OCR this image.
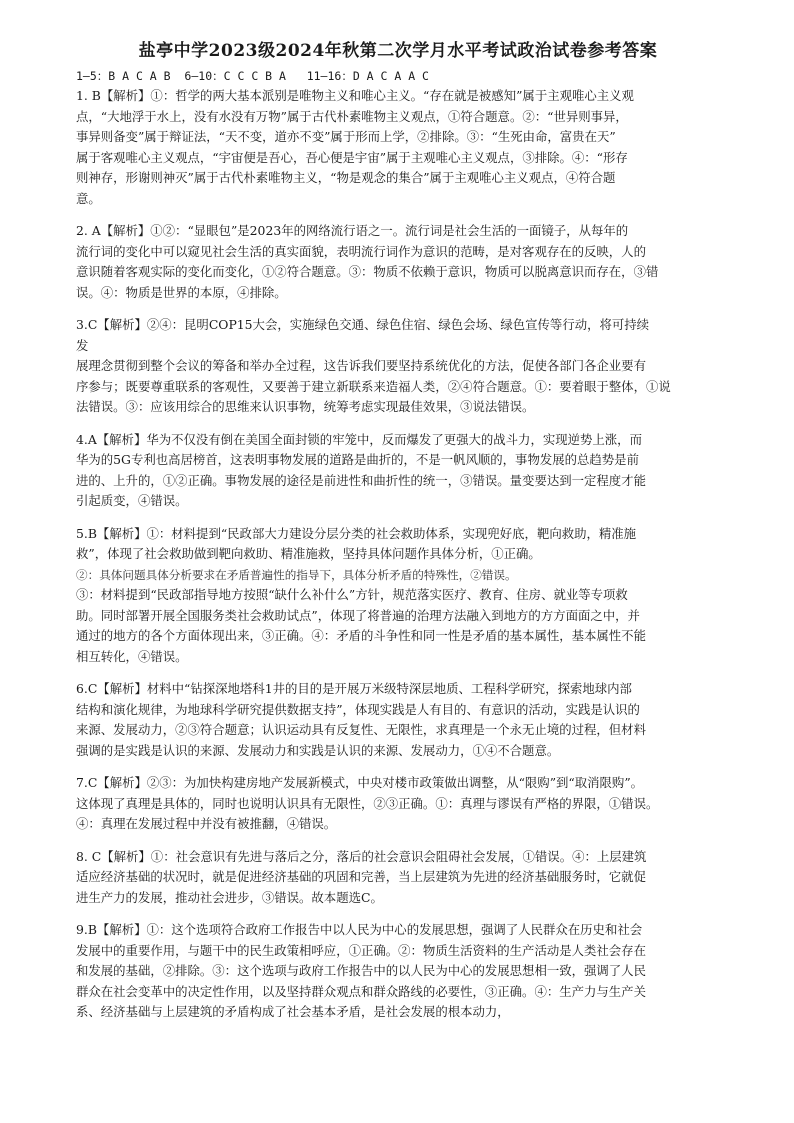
盐亭中学2023级2024年秋第二次学月水平考试政治试卷参考答案
1—5：B A C A B  6—10：C C C B A   11—16：D A C A A C
1. B【解析】①：哲学的两大基本派别是唯物主义和唯心主义。“存在就是被感知”属于主观唯心主义观
点，“大地浮于水上，没有水没有万物”属于古代朴素唯物主义观点，①符合题意。②：“世异则事异，
事异则备变”属于辩证法，“天不变，道亦不变”属于形而上学，②排除。③：“生死由命，富贵在天”
属于客观唯心主义观点，“宇宙便是吾心，吾心便是宇宙”属于主观唯心主义观点，③排除。④：“形存
则神存，形谢则神灭”属于古代朴素唯物主义，“物是观念的集合”属于主观唯心主义观点，④符合题
意。
2. A【解析】①②：“显眼包”是2023年的网络流行语之一。流行词是社会生活的一面镜子，从每年的
流行词的变化中可以窥见社会生活的真实面貌，表明流行词作为意识的范畴，是对客观存在的反映，人的
意识随着客观实际的变化而变化，①②符合题意。③：物质不依赖于意识，物质可以脱离意识而存在，③错
误。④：物质是世界的本原，④排除。
3.C【解析】②④：昆明COP15大会，实施绿色交通、绿色住宿、绿色会场、绿色宣传等行动，将可持续
发
展理念贯彻到整个会议的筹备和举办全过程，这告诉我们要坚持系统优化的方法，促使各部门各企业要有
序参与；既要尊重联系的客观性，又要善于建立新联系来造福人类，②④符合题意。①：要着眼于整体，①说
法错误。③：应该用综合的思维来认识事物，统筹考虑实现最佳效果，③说法错误。
4.A【解析】华为不仅没有倒在美国全面封锁的牢笼中，反而爆发了更强大的战斗力，实现逆势上涨，而
华为的5G专利也高居榜首，这表明事物发展的道路是曲折的，不是一帆风顺的，事物发展的总趋势是前
进的、上升的，①②正确。事物发展的途径是前进性和曲折性的统一，③错误。量变要达到一定程度才能
引起质变，④错误。
5.B【解析】①：材料提到“民政部大力建设分层分类的社会救助体系，实现兜好底，靶向救助，精准施
救”，体现了社会救助做到靶向救助、精准施救，坚持具体问题作具体分析，①正确。
②：具体问题具体分析要求在矛盾普遍性的指导下，具体分析矛盾的特殊性，②错误。
③：材料提到“民政部指导地方按照“缺什么补什么”方针，规范落实医疗、教育、住房、就业等专项救
助。同时部署开展全国服务类社会救助试点”，体现了将普遍的治理方法融入到地方的方方面面之中，并
通过的地方的各个方面体现出来，③正确。④：矛盾的斗争性和同一性是矛盾的基本属性，基本属性不能
相互转化，④错误。
6.C【解析】材料中“钻探深地塔科1井的目的是开展万米级特深层地质、工程科学研究，探索地球内部
结构和演化规律，为地球科学研究提供数据支持”，体现实践是人有目的、有意识的活动，实践是认识的
来源、发展动力，②③符合题意；认识运动具有反复性、无限性，求真理是一个永无止境的过程，但材料
强调的是实践是认识的来源、发展动力和实践是认识的来源、发展动力，①④不合题意。
7.C【解析】②③：为加快构建房地产发展新模式，中央对楼市政策做出调整，从“限购”到“取消限购”。
这体现了真理是具体的，同时也说明认识具有无限性，②③正确。①：真理与谬误有严格的界限，①错误。
④：真理在发展过程中并没有被推翻，④错误。
8. C【解析】①：社会意识有先进与落后之分，落后的社会意识会阻碍社会发展，①错误。④：上层建筑
适应经济基础的状况时，就是促进经济基础的巩固和完善，当上层建筑为先进的经济基础服务时，它就促
进生产力的发展，推动社会进步，③错误。故本题选C。
9.B【解析】①：这个选项符合政府工作报告中以人民为中心的发展思想，强调了人民群众在历史和社会
发展中的重要作用，与题干中的民生政策相呼应，①正确。②：物质生活资料的生产活动是人类社会存在
和发展的基础，②排除。③：这个选项与政府工作报告中的以人民为中心的发展思想相一致，强调了人民
群众在社会变革中的决定性作用，以及坚持群众观点和群众路线的必要性，③正确。④：生产力与生产关
系、经济基础与上层建筑的矛盾构成了社会基本矛盾，是社会发展的根本动力，
